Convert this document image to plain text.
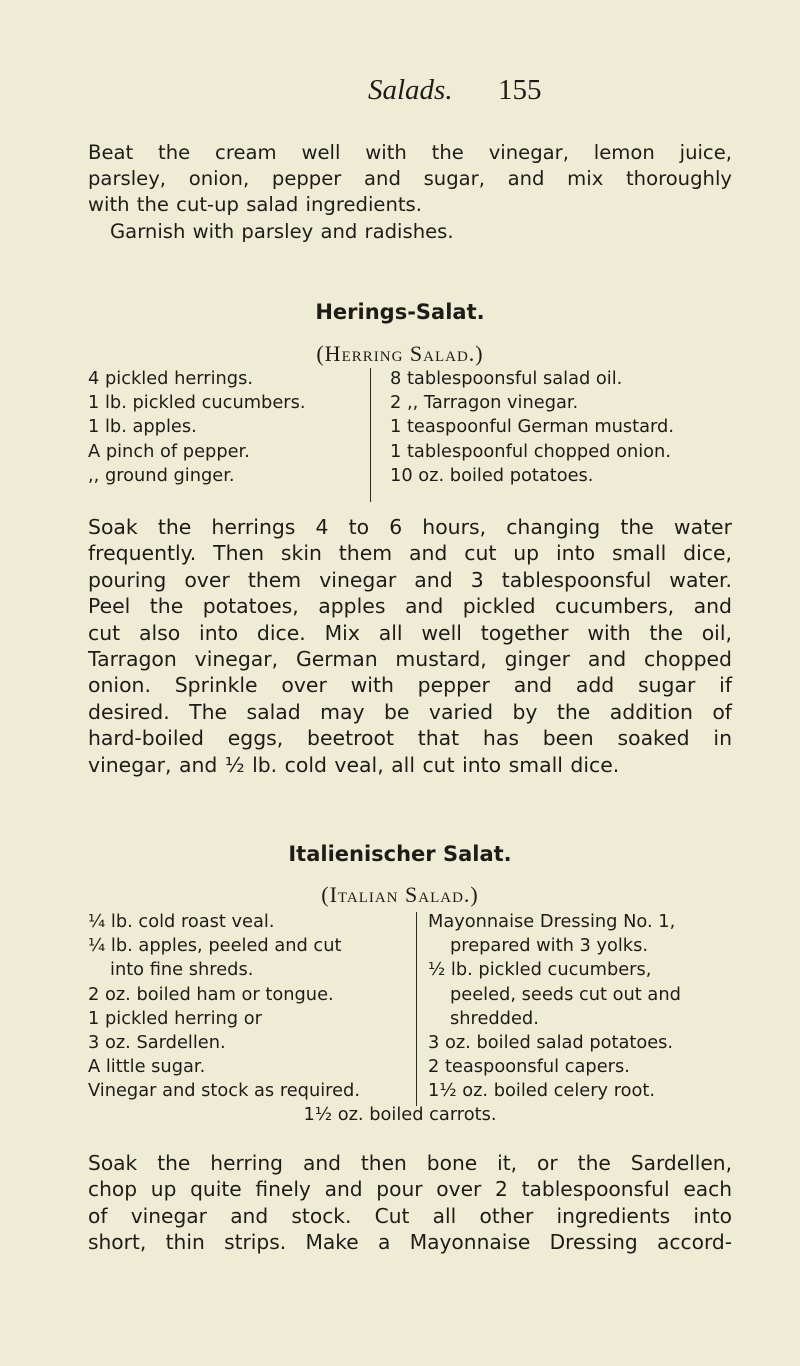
Salads. 155
Beat the cream well with the vinegar, lemon juice,
parsley, onion, pepper and sugar, and mix thoroughly
with the cut-up salad ingredients.
Garnish with parsley and radishes.
Herings-Salat.
(Herring Salad.)
4 pickled herrings.
1 lb. pickled cucumbers.
1 lb. apples.
A pinch of pepper.
,, ground ginger.
8 tablespoonsful salad oil.
2 ,, Tarragon vinegar.
1 teaspoonful German mustard.
1 tablespoonful chopped onion.
10 oz. boiled potatoes.
Soak the herrings 4 to 6 hours, changing the water
frequently. Then skin them and cut up into small dice,
pouring over them vinegar and 3 tablespoonsful water.
Peel the potatoes, apples and pickled cucumbers, and
cut also into dice. Mix all well together with the oil,
Tarragon vinegar, German mustard, ginger and chopped
onion. Sprinkle over with pepper and add sugar if
desired. The salad may be varied by the addition of
hard-boiled eggs, beetroot that has been soaked in
vinegar, and ½ lb. cold veal, all cut into small dice.
Italienischer Salat.
(Italian Salad.)
¼ lb. cold roast veal.
¼ lb. apples, peeled and cut
into fine shreds.
2 oz. boiled ham or tongue.
1 pickled herring or
3 oz. Sardellen.
A little sugar.
Vinegar and stock as required.
Mayonnaise Dressing No. 1,
prepared with 3 yolks.
½ lb. pickled cucumbers,
peeled, seeds cut out and
shredded.
3 oz. boiled salad potatoes.
2 teaspoonsful capers.
1½ oz. boiled celery root.
1½ oz. boiled carrots.
Soak the herring and then bone it, or the Sardellen,
chop up quite finely and pour over 2 tablespoonsful each
of vinegar and stock. Cut all other ingredients into
short, thin strips. Make a Mayonnaise Dressing accord-
